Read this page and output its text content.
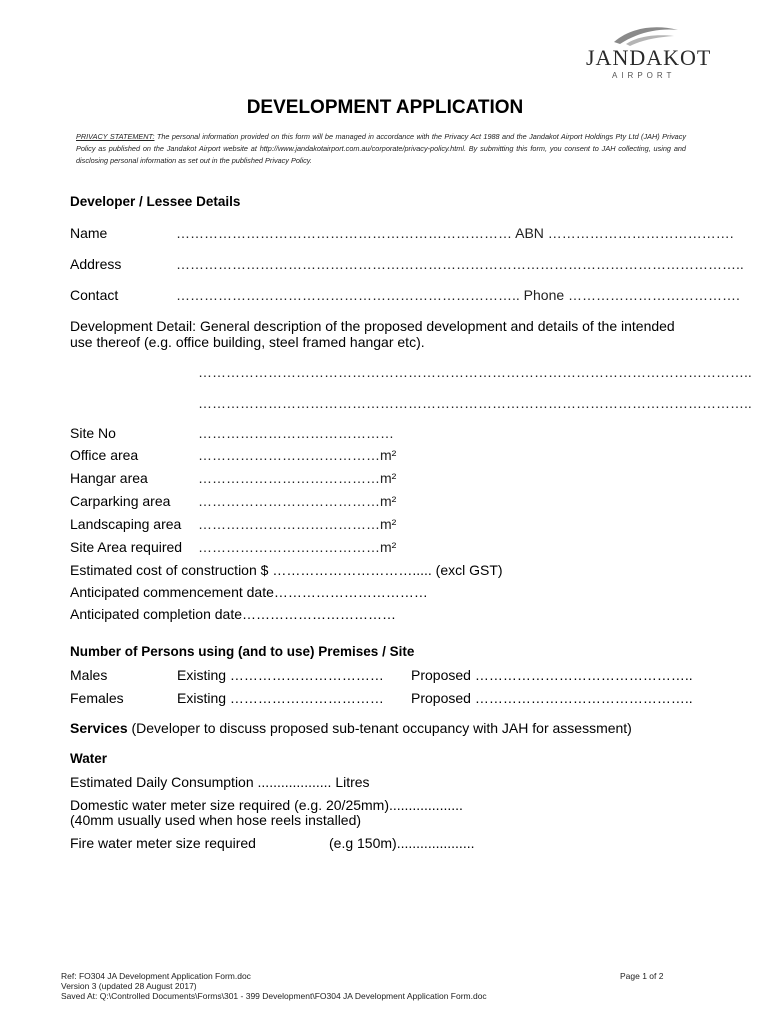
JANDAKOT
AIRPORT
DEVELOPMENT APPLICATION
PRIVACY STATEMENT: The personal information provided on this form will be managed in accordance with the Privacy Act 1988 and the Jandakot Airport Holdings Pty Ltd (JAH) Privacy Policy as published on the Jandakot Airport website at http://www.jandakotairport.com.au/corporate/privacy-policy.html. By submitting this form, you consent to JAH collecting, using and disclosing personal information as set out in the published Privacy Policy.
Developer / Lessee Details
Name	……………………………………………………………… ABN ………………………………….
Address	…………………………………………………………………………………………………………..
Contact	……………………………………………………………….. Phone ……………………………….
Development Detail: General description of the proposed development and details of the intended use thereof (e.g. office building, steel framed hangar etc).
………………………………………………………………………………………………………..
………………………………………………………………………………………………………..
Site No	……………………………………
Office area	…………………………………m²
Hangar area	…………………………………m²
Carparking area …………………………………m²
Landscaping area …………………………………m²
Site Area required …………………………………m²
Estimated cost of construction $ …………………………..... (excl GST)
Anticipated commencement date……………………………
Anticipated completion date……………………………
Number of Persons using (and to use) Premises / Site
Males	Existing …………………………… Proposed ………………………………………..
Females	Existing …………………………… Proposed ………………………………………..
Services (Developer to discuss proposed sub-tenant occupancy with JAH for assessment)
Water
Estimated Daily Consumption ................... Litres
Domestic water meter size required (e.g. 20/25mm)...................
(40mm usually used when hose reels installed)
Fire water meter size required	(e.g 150m)....................
Ref: FO304 JA Development Application Form.doc
Version 3 (updated 28 August 2017)
Saved At: Q:\Controlled Documents\Forms\301 - 399 Development\FO304 JA Development Application Form.doc
Page 1 of 2
